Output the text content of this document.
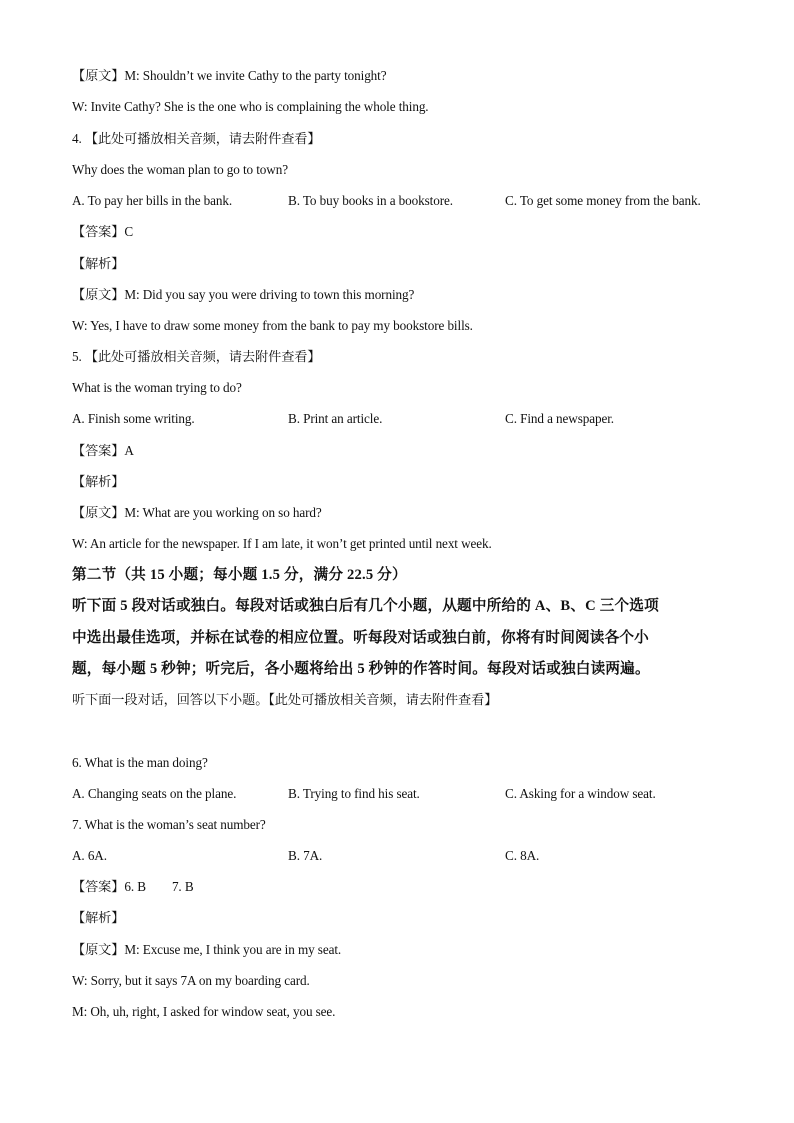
【原文】M: Shouldn’t we invite Cathy to the party tonight?
W: Invite Cathy? She is the one who is complaining the whole thing.
4. 【此处可播放相关音频，请去附件查看】
Why does the woman plan to go to town?
A. To pay her bills in the bank.	B. To buy books in a bookstore.	C. To get some money from the bank.
【答案】C
【解析】
【原文】M: Did you say you were driving to town this morning?
W: Yes, I have to draw some money from the bank to pay my bookstore bills.
5. 【此处可播放相关音频，请去附件查看】
What is the woman trying to do?
A. Finish some writing.	B. Print an article.	C. Find a newspaper.
【答案】A
【解析】
【原文】M: What are you working on so hard?
W: An article for the newspaper. If I am late, it won’t get printed until next week.
第二节（共 15 小题；每小题 1.5 分，满分 22.5 分）
听下面 5 段对话或独白。每段对话或独白后有几个小题，从题中所给的 A、B、C 三个选项
中选出最佳选项，并标在试卷的相应位置。听每段对话或独白前，你将有时间阅读各个小
题，每小题 5 秒钟；听完后，各小题将给出 5 秒钟的作答时间。每段对话或独白读两遍。
听下面一段对话，回答以下小题。【此处可播放相关音频，请去附件查看】
6. What is the man doing?
A. Changing seats on the plane.	B. Trying to find his seat.	C. Asking for a window seat.
7. What is the woman’s seat number?
A. 6A.	B. 7A.	C. 8A.
【答案】6. B 7. B
【解析】
【原文】M: Excuse me, I think you are in my seat.
W: Sorry, but it says 7A on my boarding card.
M: Oh, uh, right, I asked for window seat, you see.
